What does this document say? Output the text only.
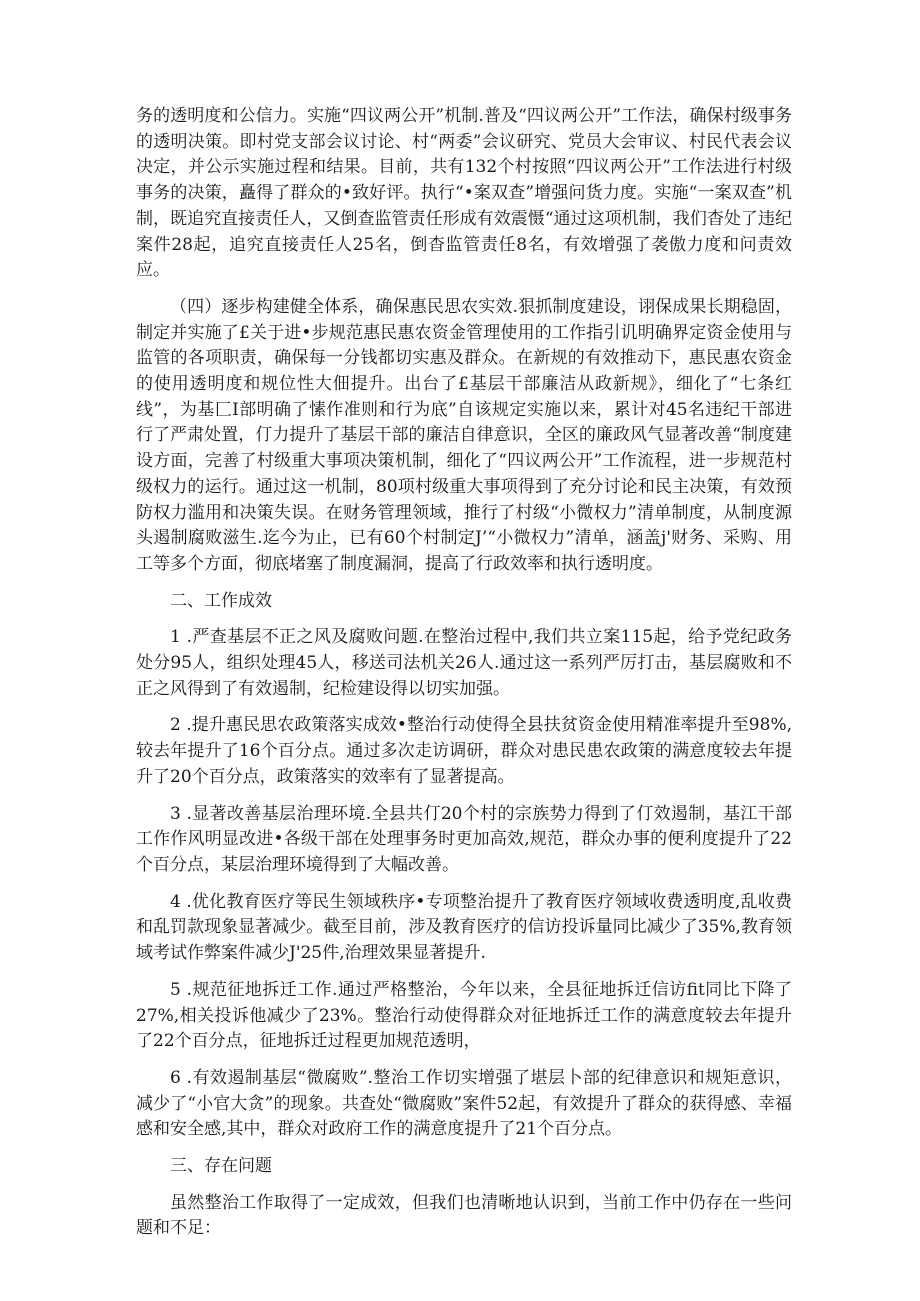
务的透明度和公信力。实施“四议两公开”机制.普及“四议两公开”工作法，确保村级事务的透明决策。即村党支部会议讨论、村“两委”会议研究、党员大会审议、村民代表会议决定，并公示实施过程和结果。目前，共有132个村按照“四议两公开”工作法进行村级事务的决策，矗得了群众的•致好评。执行“•案双查”增强问货力度。实施“一案双查”机制，既追究直接责任人，又倒查监管责任形成有效震慑“通过这项机制，我们杳处了违纪案件28起，追究直接责任人25名，倒杳监管责任8名，有效增强了袭傲力度和问责效应。

（四）逐步构建健全体系，确保惠民思农实效.狠抓制度建设，诩保成果长期稳固，制定并实施了£关于进•步规范惠民惠农资金管理使用的工作指引讥明确界定资金使用与监管的各项职责，确保每一分钱都切实惠及群众。在新规的有效推动下，惠民惠农资金的使用透明度和规位性大佃提升。出台了£基层干部廉洁从政新规》，细化了“七条红线”，为基匚I部明确了愫作准则和行为底”自该规定实施以来，累计对45名违纪干部进行了严肃处置，仃力提升了基层干部的廉洁自律意识，全区的廉政风气显著改善“制度建设方面，完善了村级重大事项决策机制，细化了“四议两公开”工作流程，进一步规范村级权力的运行。通过这一机制，80项村级重大事项得到了充分讨论和民主决策，有效预防权力滥用和决策失误。在财务管理领域，推行了村级“小微权力”清单制度，从制度源头遏制腐败滋生.迄今为止，已有60个村制定J’“小微权力”清单，涵盖j'财务、采购、用工等多个方面，彻底堵塞了制度漏洞，提高了行政效率和执行透明度。

二、工作成效

1 .严查基层不正之风及腐败问题.在整治过程中,我们共立案115起，给予党纪政务处分95人，组织处理45人，移送司法机关26人.通过这一系列严厉打击，基层腐败和不正之风得到了有效遏制，纪检建设得以切实加强。

2 .提升惠民思农政策落实成效•整治行动使得全县扶贫资金使用精准率提升至98%,较去年提升了16个百分点。通过多次走访调研，群众对患民患农政策的满意度较去年提升了20个百分点，政策落实的效率有了显著提高。

3 .显著改善基层治理环境.全县共仃20个村的宗族势力得到了仃效遏制，基江干部工作作风明显改进•各级干部在处理事务时更加高效,规范，群众办事的便利度提升了22个百分点，某层治理环境得到了大幅改善。

4 .优化教育医疗等民生领域秩序•专项整治提升了教育医疗领域收费透明度,乱收费和乱罚款现象显著减少。截至目前，涉及教育医疗的信访投诉量同比减少了35%,教育领域考试作弊案件减少J'25件,治理效果显著提升.

5 .规范征地拆迁工作.通过严格整治，今年以来，全县征地拆迁信访fit同比下降了27%,相关投诉他减少了23%。整治行动使得群众对征地拆迁工作的满意度较去年提升了22个百分点，征地拆迁过程更加规范透明，

6 .有效遏制基层“微腐败”.整治工作切实增强了堪层卜部的纪律意识和规矩意识，减少了“小官大贪”的现象。共查处“微腐败”案件52起，有效提升了群众的获得感、幸福感和安全感,其中，群众对政府工作的满意度提升了21个百分点。

三、存在问题

虽然整治工作取得了一定成效，但我们也清晰地认识到，当前工作中仍存在一些问题和不足：
